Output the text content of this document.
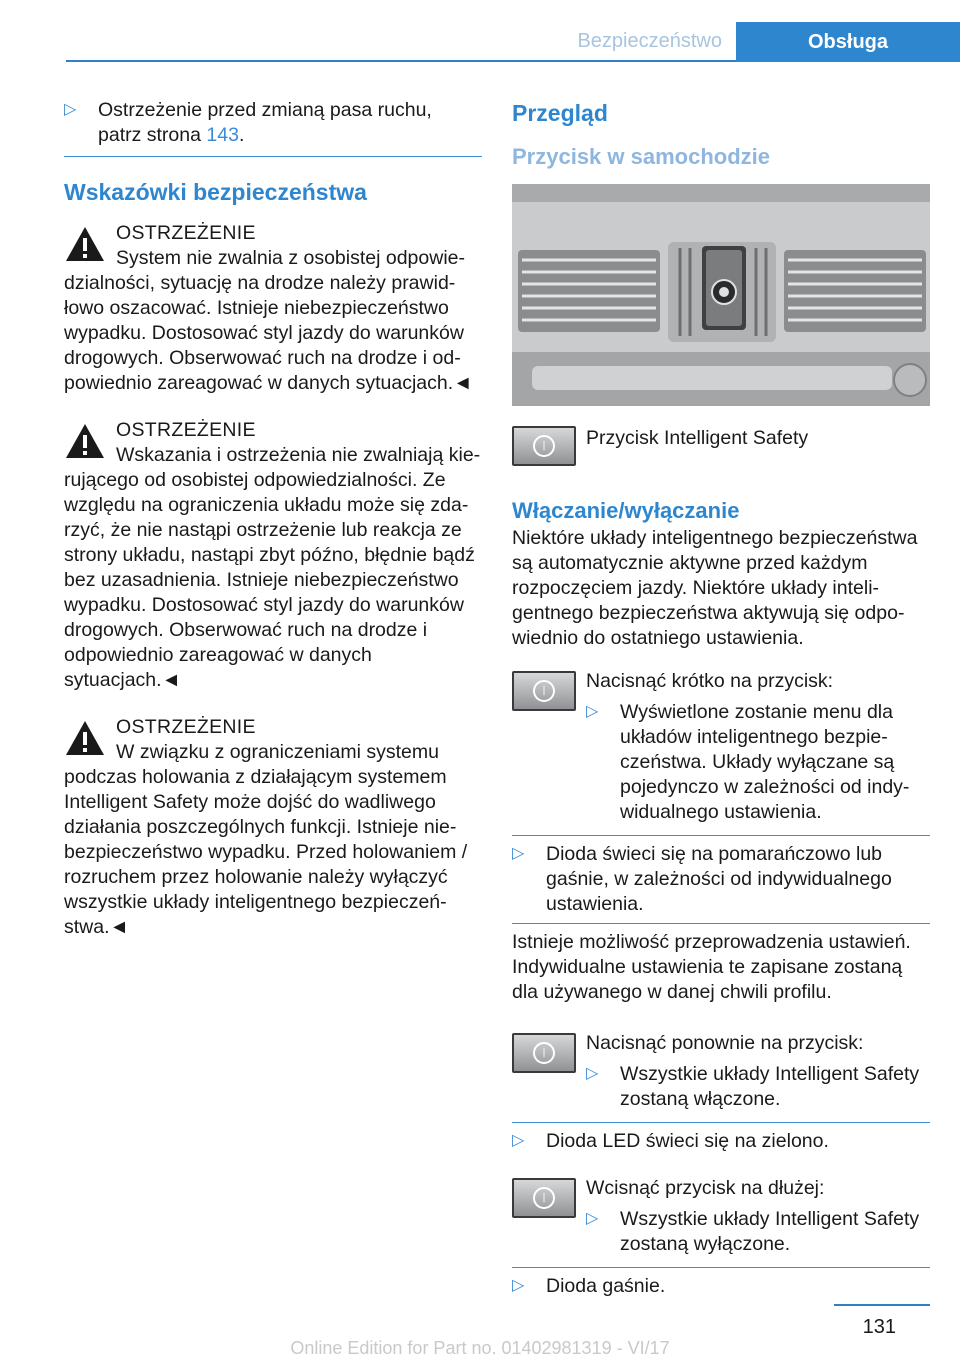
Bezpieczeństwo	Obsługa
▷ Ostrzeżenie przed zmianą pasa ruchu,
patrz strona 143.

Wskazówki bezpieczeństwa

OSTRZEŻENIE

System nie zwalnia z osobistej odpowiedzialności, sytuację na drodze należy prawidłowo oszacować. Istnieje niebezpieczeństwo wypadku. Dostosować styl jazdy do warunków drogowych. Obserwować ruch na drodze i odpowiednio zareagować w danych sytuacjach.◄

OSTRZEŻENIE

Wskazania i ostrzeżenia nie zwalniają kierującego od osobistej odpowiedzialności. Ze względu na ograniczenia układu może się zdarzyć, że nie nastąpi ostrzeżenie lub reakcja ze strony układu, nastąpi zbyt późno, błędnie bądź bez uzasadnienia. Istnieje niebezpieczeństwo wypadku. Dostosować styl jazdy do warunków drogowych. Obserwować ruch na drodze i odpowiednio zareagować w danych sytuacjach.◄

OSTRZEŻENIE

W związku z ograniczeniami systemu podczas holowania z działającym systemem Intelligent Safety może dojść do wadliwego działania poszczególnych funkcji. Istnieje niebezpieczeństwo wypadku. Przed holowaniem / rozruchem przez holowanie należy wyłączyć wszystkie układy inteligentnego bezpieczeństwa.◄

Przegląd
Przycisk w samochodzie
ᛁ	Przycisk Intelligent Safety

Włączanie/wyłączanie

Niektóre układy inteligentnego bezpieczeństwa są automatycznie aktywne przed każdym rozpoczęciem jazdy. Niektóre układy inteligentnego bezpieczeństwa aktywują się odpowiednio do ostatniego ustawienia.

ᛁ	Nacisnąć krótko na przycisk:

▷ Wyświetlone zostanie menu dla układów inteligentnego bezpieczeństwa. Układy wyłączane są pojedynczo w zależności od indywidualnego ustawienia.

▷ Dioda świeci się na pomarańczowo lub gaśnie, w zależności od indywidualnego ustawienia.

Istnieje możliwość przeprowadzenia ustawień. Indywidualne ustawienia te zapisane zostaną dla używanego w danej chwili profilu.

ᛁ	Nacisnąć ponownie na przycisk:

▷ Wszystkie układy Intelligent Safety zostaną włączone.

▷ Dioda LED świeci się na zielono.

ᛁ	Wcisnąć przycisk na dłużej:

▷ Wszystkie układy Intelligent Safety zostaną wyłączone.

▷ Dioda gaśnie.

131
Online Edition for Part no. 01402981319 - VI/17
